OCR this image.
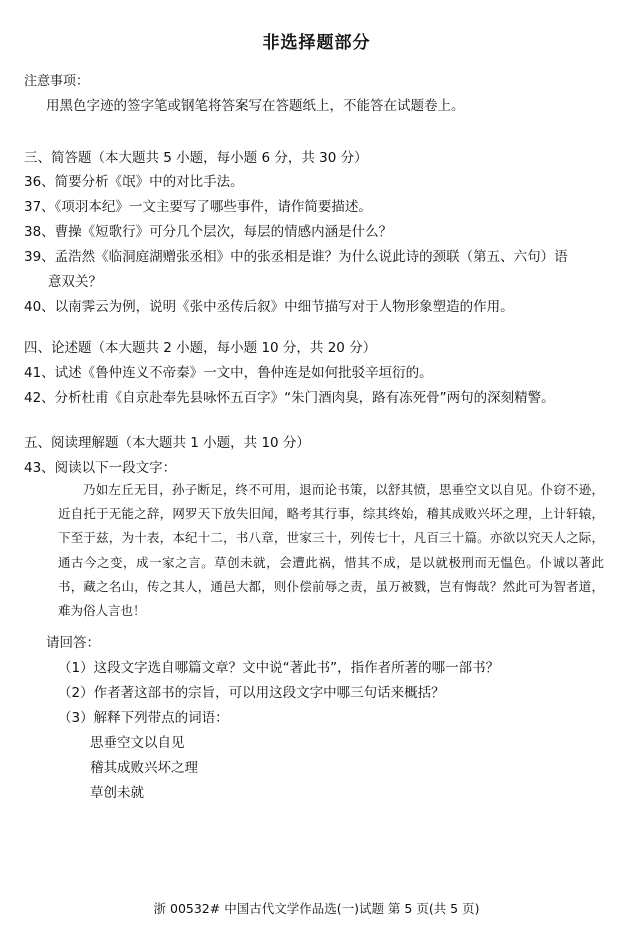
非选择题部分
注意事项：
用黑色字迹的签字笔或钢笔将答案写在答题纸上，不能答在试题卷上。
三、简答题（本大题共 5 小题，每小题 6 分，共 30 分）
36、简要分析《氓》中的对比手法。
37、《项羽本纪》一文主要写了哪些事件，请作简要描述。
38、曹操《短歌行》可分几个层次，每层的情感内涵是什么？
39、孟浩然《临洞庭湖赠张丞相》中的张丞相是谁？为什么说此诗的颈联（第五、六句）语
意双关？
40、以南霁云为例，说明《张中丞传后叙》中细节描写对于人物形象塑造的作用。
四、论述题（本大题共 2 小题，每小题 10 分，共 20 分）
41、试述《鲁仲连义不帝秦》一文中，鲁仲连是如何批驳辛垣衍的。
42、分析杜甫《自京赴奉先县咏怀五百字》“朱门酒肉臭，路有冻死骨”两句的深刻精警。
五、阅读理解题（本大题共 1 小题，共 10 分）
43、阅读以下一段文字：

乃如左丘无目，孙子断足，终不可用，退而论书策，以舒其愤，思垂空文以自见。仆窃不逊，近自托于无能之辞，网罗天下放失旧闻，略考其行事，综其终始，稽其成败兴坏之理，上计轩辕，下至于兹，为十表，本纪十二，书八章，世家三十，列传七十，凡百三十篇。亦欲以究天人之际，通古今之变，成一家之言。草创未就，会遭此祸，惜其不成，是以就极刑而无愠色。仆诚以著此书，藏之名山，传之其人，通邑大都，则仆偿前辱之责，虽万被戮，岂有悔哉？然此可为智者道，难为俗人言也！

请回答：
（1）这段文字选自哪篇文章？文中说“著此书”，指作者所著的哪一部书？
（2）作者著这部书的宗旨，可以用这段文字中哪三句话来概括？
（3）解释下列带点的词语：
思垂空文以自见
稽其成败兴坏之理
草创未就
浙 00532# 中国古代文学作品选(一)试题 第 5 页(共 5 页)
